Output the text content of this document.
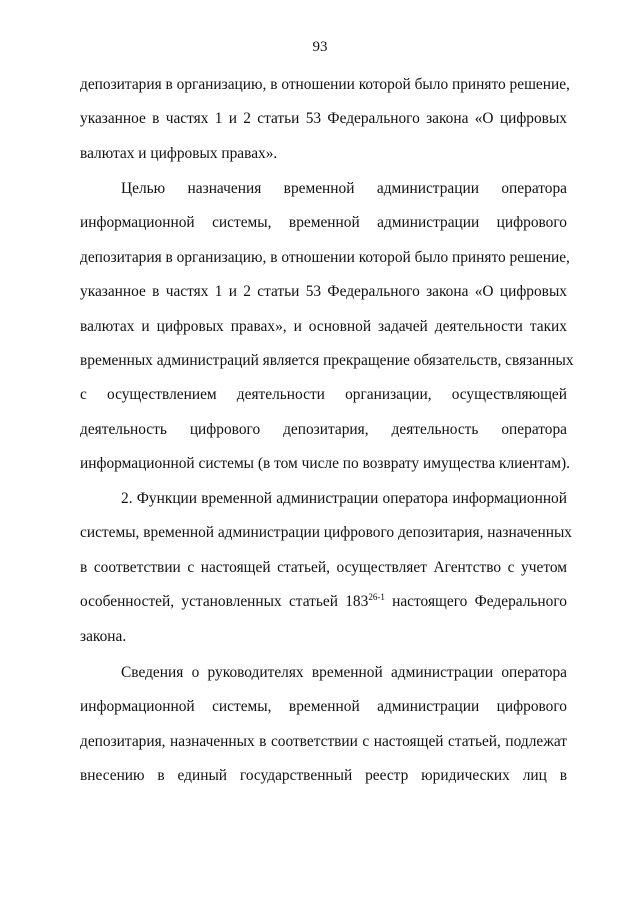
93
депозитария в организацию, в отношении которой было принято решение,
указанное в частях 1 и 2 статьи 53 Федерального закона «О цифровых
валютах и цифровых правах».
Целью назначения временной администрации оператора
информационной системы, временной администрации цифрового
депозитария в организацию, в отношении которой было принято решение,
указанное в частях 1 и 2 статьи 53 Федерального закона «О цифровых
валютах и цифровых правах», и основной задачей деятельности таких
временных администраций является прекращение обязательств, связанных
с осуществлением деятельности организации, осуществляющей
деятельность цифрового депозитария, деятельность оператора
информационной системы (в том числе по возврату имущества клиентам).
2. Функции временной администрации оператора информационной
системы, временной администрации цифрового депозитария, назначенных
в соответствии с настоящей статьей, осуществляет Агентство с учетом
особенностей, установленных статьей 183$^{26-1}$ настоящего Федерального
закона.
Сведения о руководителях временной администрации оператора
информационной системы, временной администрации цифрового
депозитария, назначенных в соответствии с настоящей статьей, подлежат
внесению в единый государственный реестр юридических лиц в
